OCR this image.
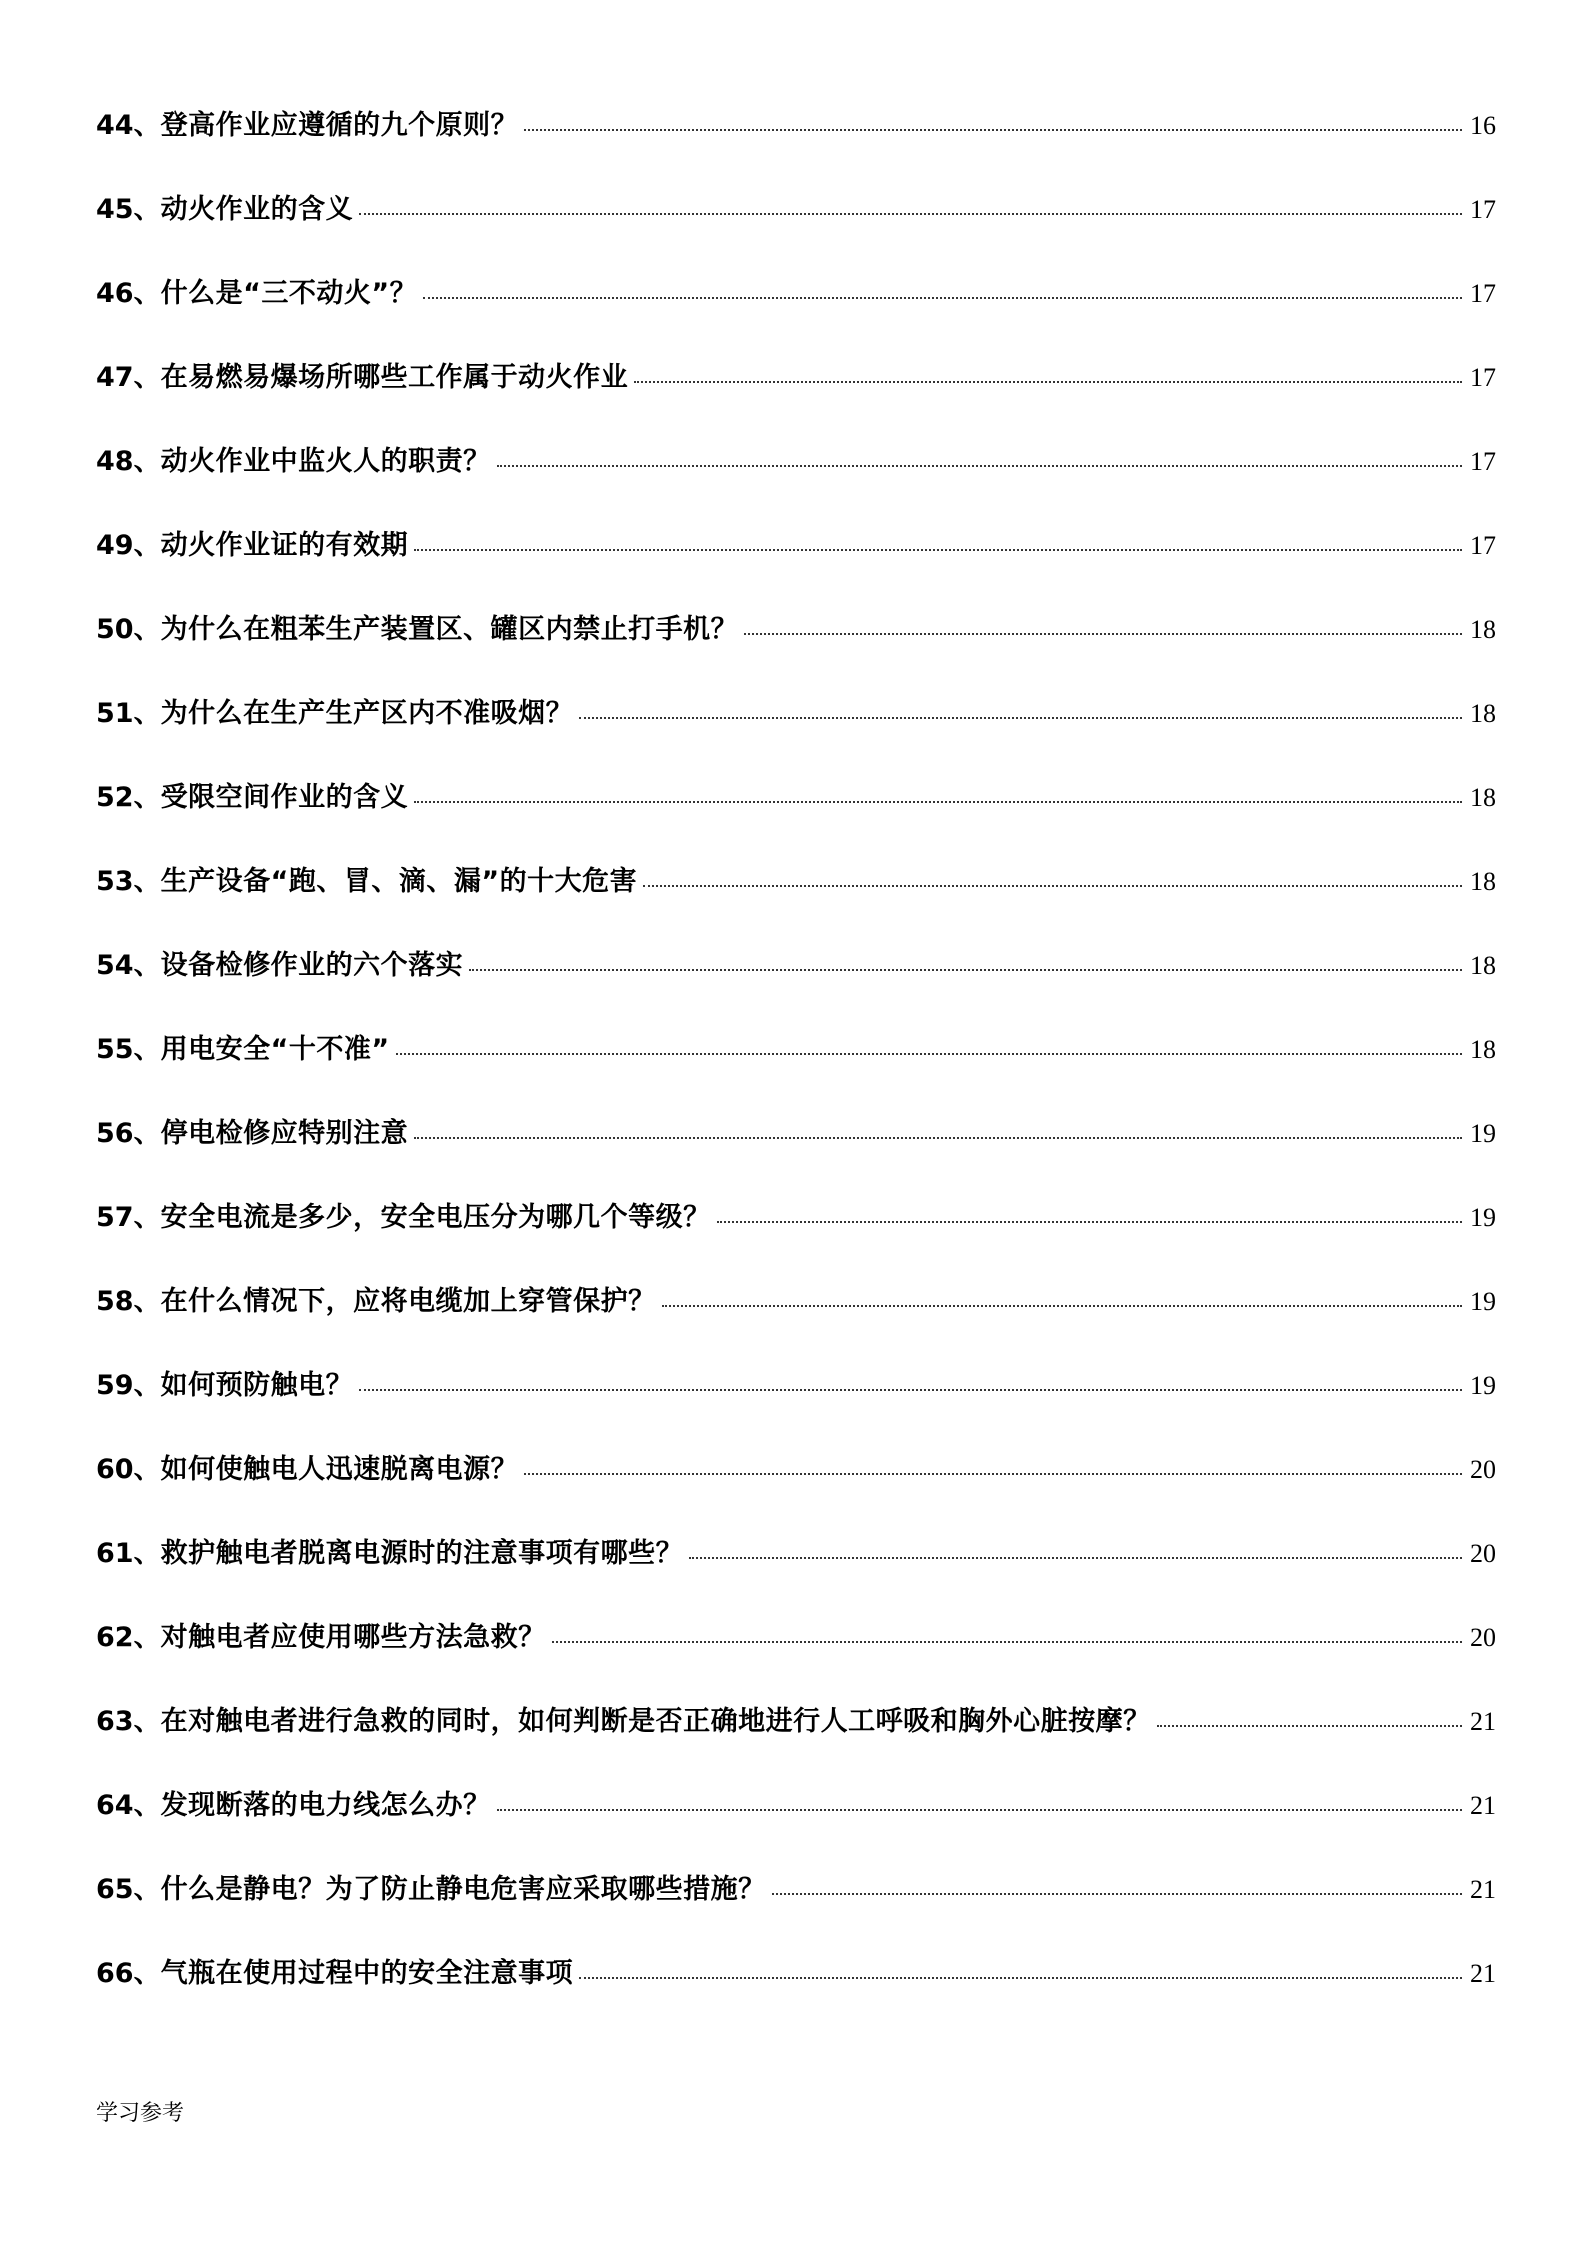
44 、 登高作业应遵循的九个原则？	16
45 、 动火作业的含义	17
46 、 什么是“三不动火”？	17
47 、 在易燃易爆场所哪些工作属于动火作业	17
48 、 动火作业中监火人的职责？	17
49 、 动火作业证的有效期	17
50 、 为什么在粗苯生产装置区、罐区内禁止打手机？	18
51 、 为什么在生产生产区内不准吸烟？	18
52 、 受限空间作业的含义	18
53 、 生产设备“跑、冒、滴、漏”的十大危害	18
54 、 设备检修作业的六个落实	18
55 、 用电安全“十不准”	18
56 、 停电检修应特别注意	19
57 、 安全电流是多少，安全电压分为哪几个等级？	19
58 、 在什么情况下，应将电缆加上穿管保护？	19
59 、 如何预防触电？	19
60 、 如何使触电人迅速脱离电源？	20
61 、 救护触电者脱离电源时的注意事项有哪些？	20
62 、 对触电者应使用哪些方法急救？	20
63 、 在对触电者进行急救的同时，如何判断是否正确地进行人工呼吸和胸外心脏按摩？	21
64 、 发现断落的电力线怎么办？	21
65 、 什么是静电？为了防止静电危害应采取哪些措施？	21
66 、 气瓶在使用过程中的安全注意事项	21
学习参考
